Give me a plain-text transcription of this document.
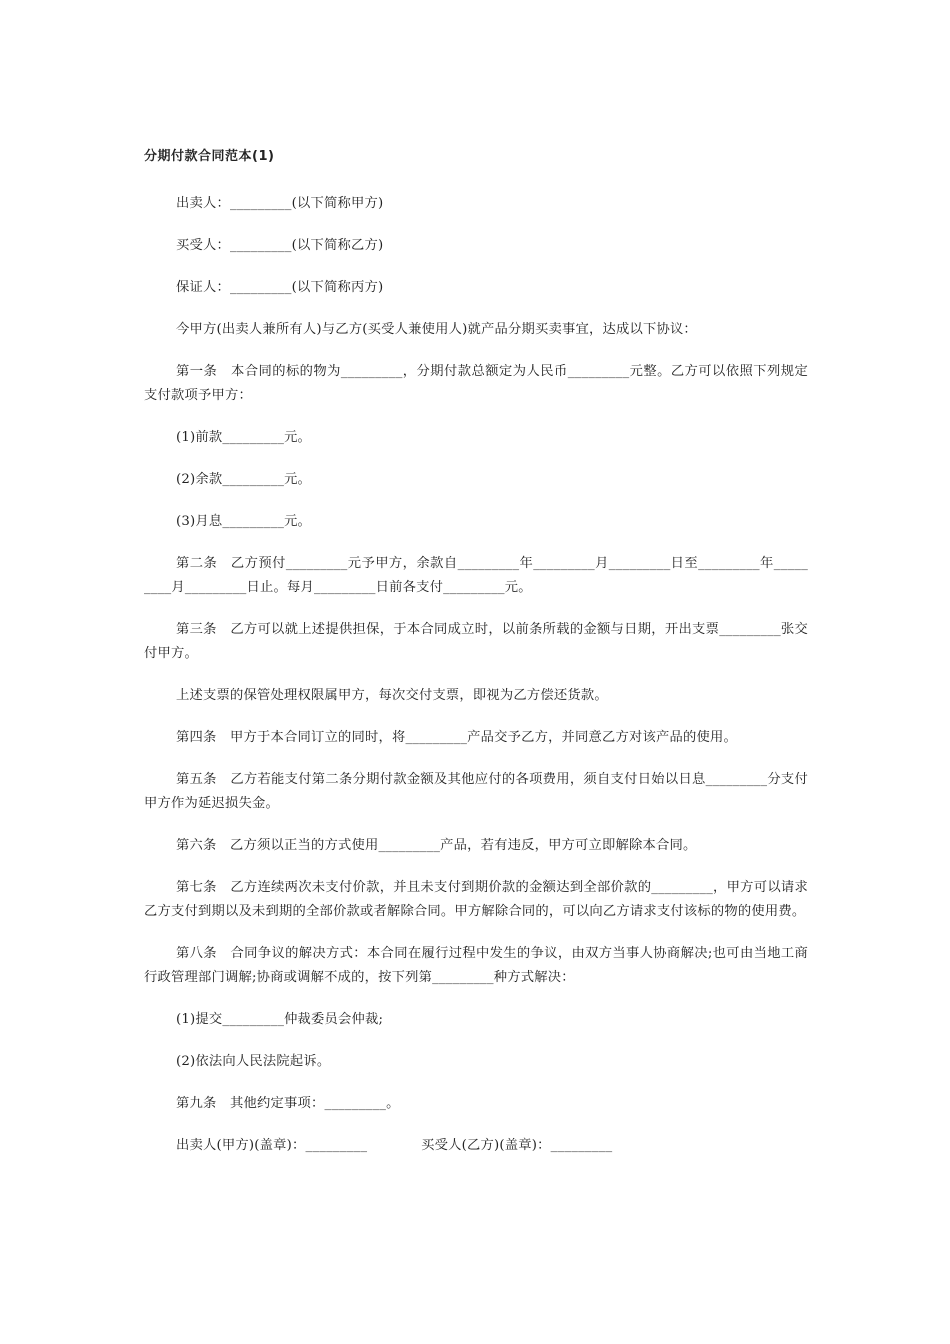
分期付款合同范本(1)

出卖人：_________(以下简称甲方)

买受人：_________(以下简称乙方)

保证人：_________(以下简称丙方)

今甲方(出卖人兼所有人)与乙方(买受人兼使用人)就产品分期买卖事宜，达成以下协议：

第一条　本合同的标的物为_________，分期付款总额定为人民币_________元整。乙方可以依照下列规定支付款项予甲方：

(1)前款_________元。

(2)余款_________元。

(3)月息_________元。

第二条　乙方预付_________元予甲方，余款自_________年_________月_________日至_________年_________月_________日止。每月_________日前各支付_________元。

第三条　乙方可以就上述提供担保，于本合同成立时，以前条所载的金额与日期，开出支票_________张交付甲方。

上述支票的保管处理权限属甲方，每次交付支票，即视为乙方偿还货款。

第四条　甲方于本合同订立的同时，将_________产品交予乙方，并同意乙方对该产品的使用。

第五条　乙方若能支付第二条分期付款金额及其他应付的各项费用，须自支付日始以日息_________分支付甲方作为延迟损失金。

第六条　乙方须以正当的方式使用_________产品，若有违反，甲方可立即解除本合同。

第七条　乙方连续两次未支付价款，并且未支付到期价款的金额达到全部价款的_________，甲方可以请求乙方支付到期以及未到期的全部价款或者解除合同。甲方解除合同的，可以向乙方请求支付该标的物的使用费。

第八条　合同争议的解决方式：本合同在履行过程中发生的争议，由双方当事人协商解决;也可由当地工商行政管理部门调解;协商或调解不成的，按下列第_________种方式解决：

(1)提交_________仲裁委员会仲裁;

(2)依法向人民法院起诉。

第九条　其他约定事项：_________。

出卖人(甲方)(盖章)：_________　　　　买受人(乙方)(盖章)：_________
